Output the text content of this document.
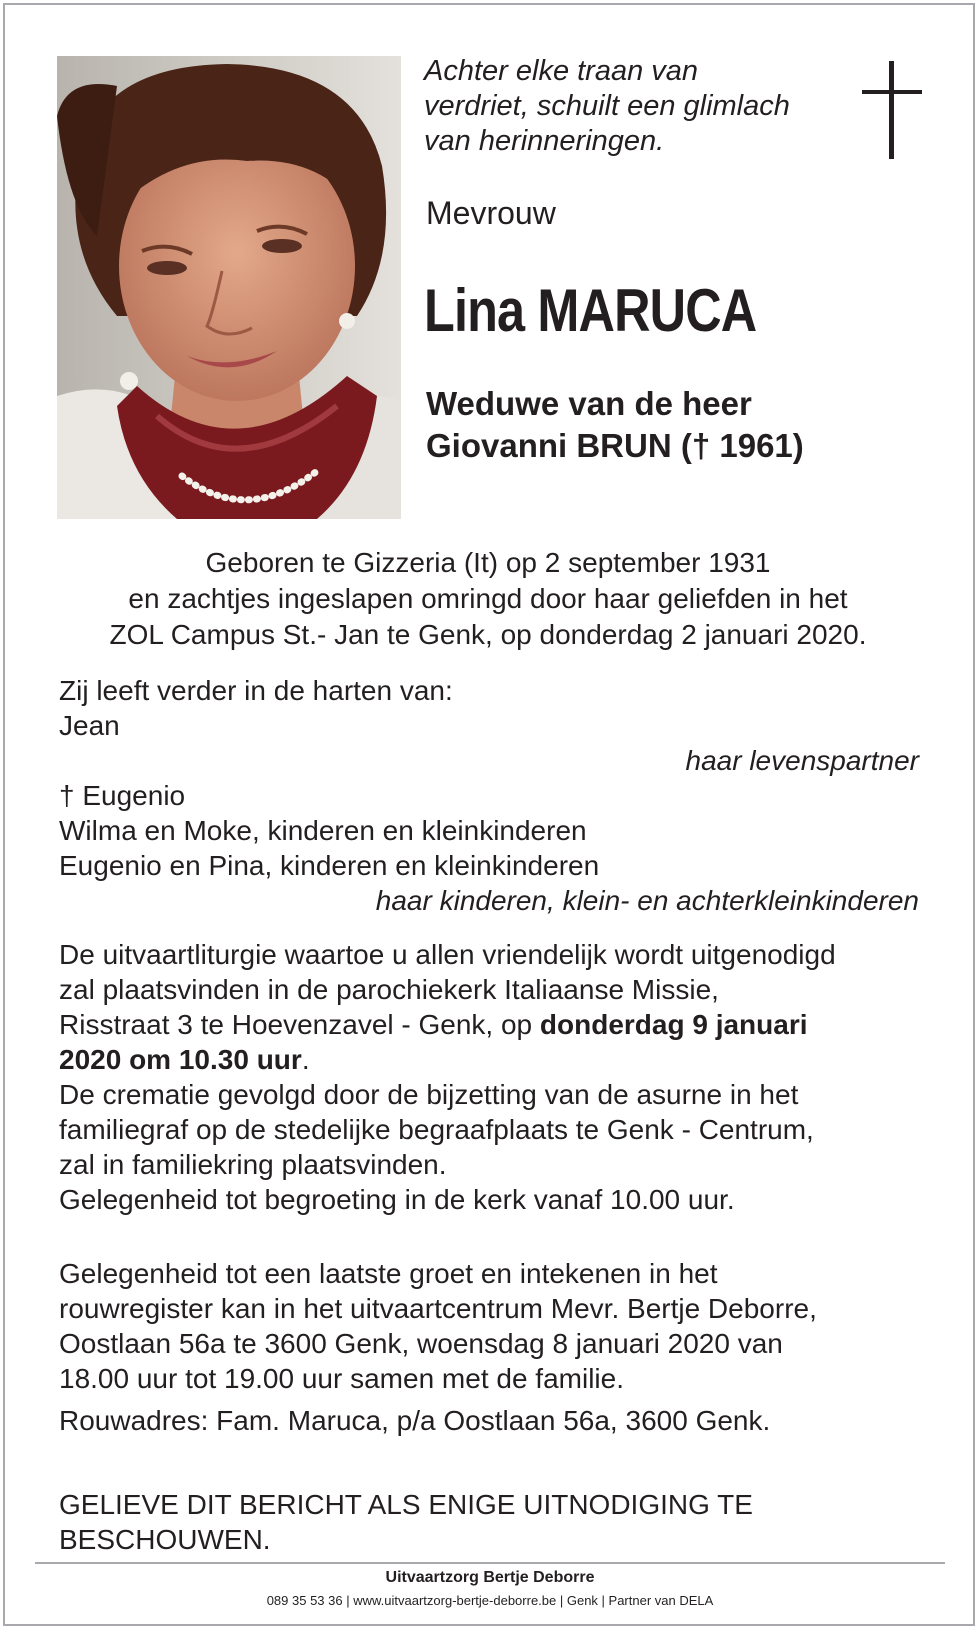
Achter elke traan van
verdriet, schuilt een glimlach
van herinneringen.
Mevrouw
Lina MARUCA
Weduwe van de heer
Giovanni BRUN († 1961)
Geboren te Gizzeria (It) op 2 september 1931
en zachtjes ingeslapen omringd door haar geliefden in het
ZOL Campus St.- Jan te Genk, op donderdag 2 januari 2020.
Zij leeft verder in de harten van:
Jean
haar levenspartner
† Eugenio
Wilma en Moke, kinderen en kleinkinderen
Eugenio en Pina, kinderen en kleinkinderen
haar kinderen, klein- en achterkleinkinderen
De uitvaartliturgie waartoe u allen vriendelijk wordt uitgenodigd
zal plaatsvinden in de parochiekerk Italiaanse Missie,
Risstraat 3 te Hoevenzavel - Genk, op donderdag 9 januari
2020 om 10.30 uur.
De crematie gevolgd door de bijzetting van de asurne in het
familiegraf op de stedelijke begraafplaats te Genk - Centrum,
zal in familiekring plaatsvinden.
Gelegenheid tot begroeting in de kerk vanaf 10.00 uur.
Gelegenheid tot een laatste groet en intekenen in het
rouwregister kan in het uitvaartcentrum Mevr. Bertje Deborre,
Oostlaan 56a te 3600 Genk, woensdag 8 januari 2020 van
18.00 uur tot 19.00 uur samen met de familie.
Rouwadres: Fam. Maruca, p/a Oostlaan 56a, 3600 Genk.
GELIEVE DIT BERICHT ALS ENIGE UITNODIGING TE
BESCHOUWEN.
Uitvaartzorg Bertje Deborre
089 35 53 36 | www.uitvaartzorg-bertje-deborre.be | Genk | Partner van DELA
